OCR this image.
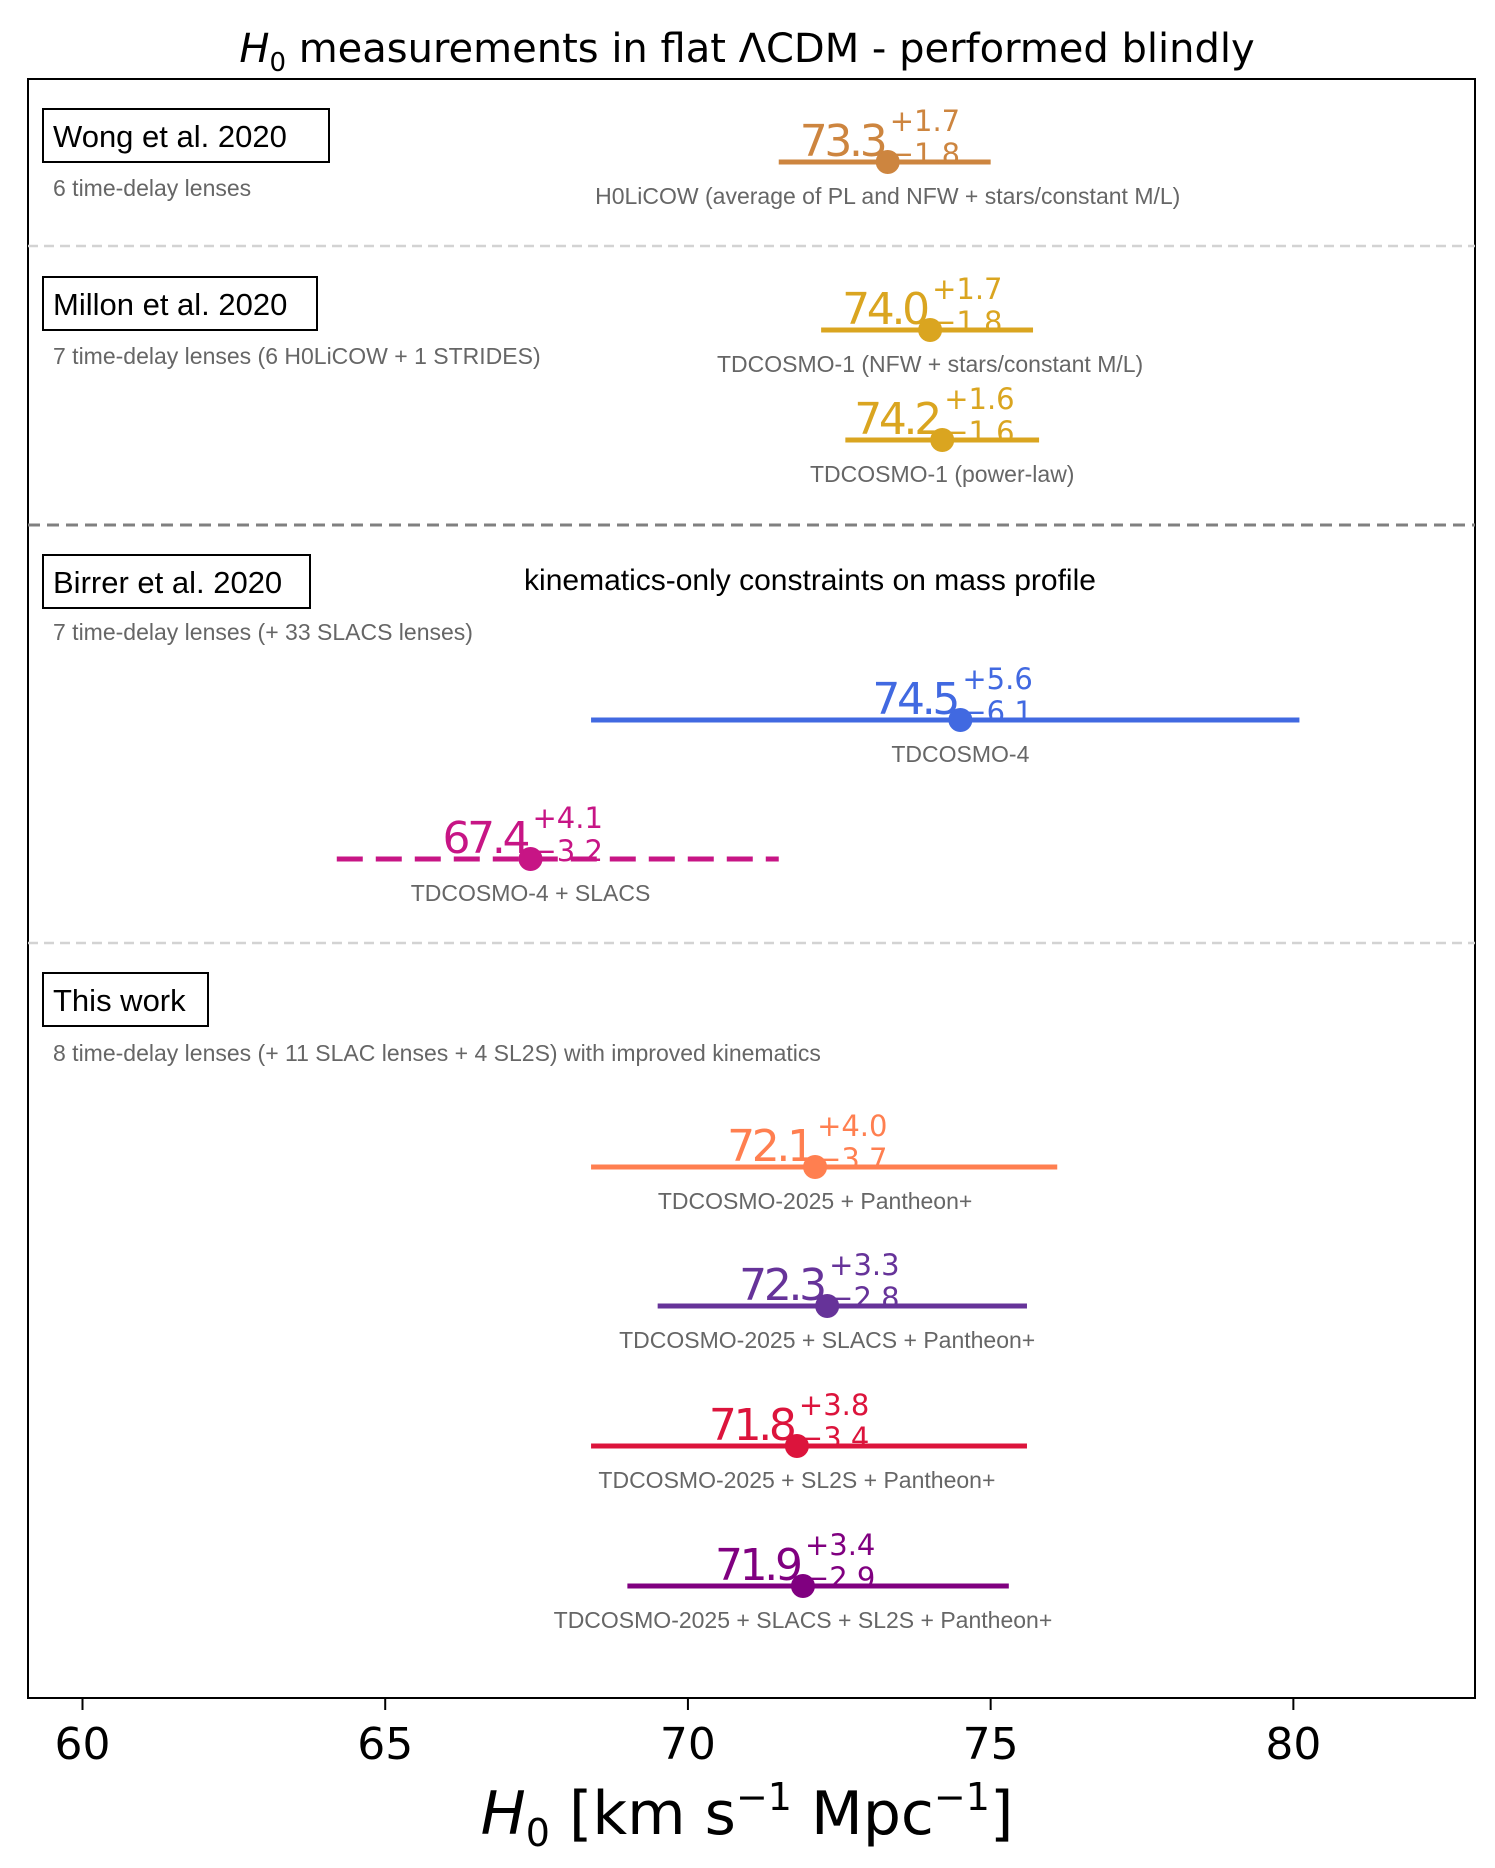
$H_0$ measurements in flat ΛCDM - performed blindly
Wong et al. 2020
6 time-delay lenses
Millon et al. 2020
7 time-delay lenses (6 H0LiCOW + 1 STRIDES)
Birrer et al. 2020
7 time-delay lenses (+ 33 SLACS lenses)
kinematics-only constraints on mass profile
This work
8 time-delay lenses (+ 11 SLAC lenses + 4 SL2S) with improved kinematics
73.3 +1.7
−1.8
H0LiCOW (average of PL and NFW + stars/constant M/L)
74.0 +1.7
−1.8
TDCOSMO-1 (NFW + stars/constant M/L)
74.2 +1.6
−1.6
TDCOSMO-1 (power-law)
74.5 +5.6
−6.1
TDCOSMO-4
67.4 +4.1
−3.2
TDCOSMO-4 + SLACS
72.1 +4.0
−3.7
TDCOSMO-2025 + Pantheon+
72.3 +3.3
−2.8
TDCOSMO-2025 + SLACS + Pantheon+
71.8 +3.8
−3.4
TDCOSMO-2025 + SL2S + Pantheon+
71.9 +3.4
−2.9
TDCOSMO-2025 + SLACS + SL2S + Pantheon+
60	65	70	75	80
$H_0$ [km $s^{-1}$ Mpc$^{-1}$]
